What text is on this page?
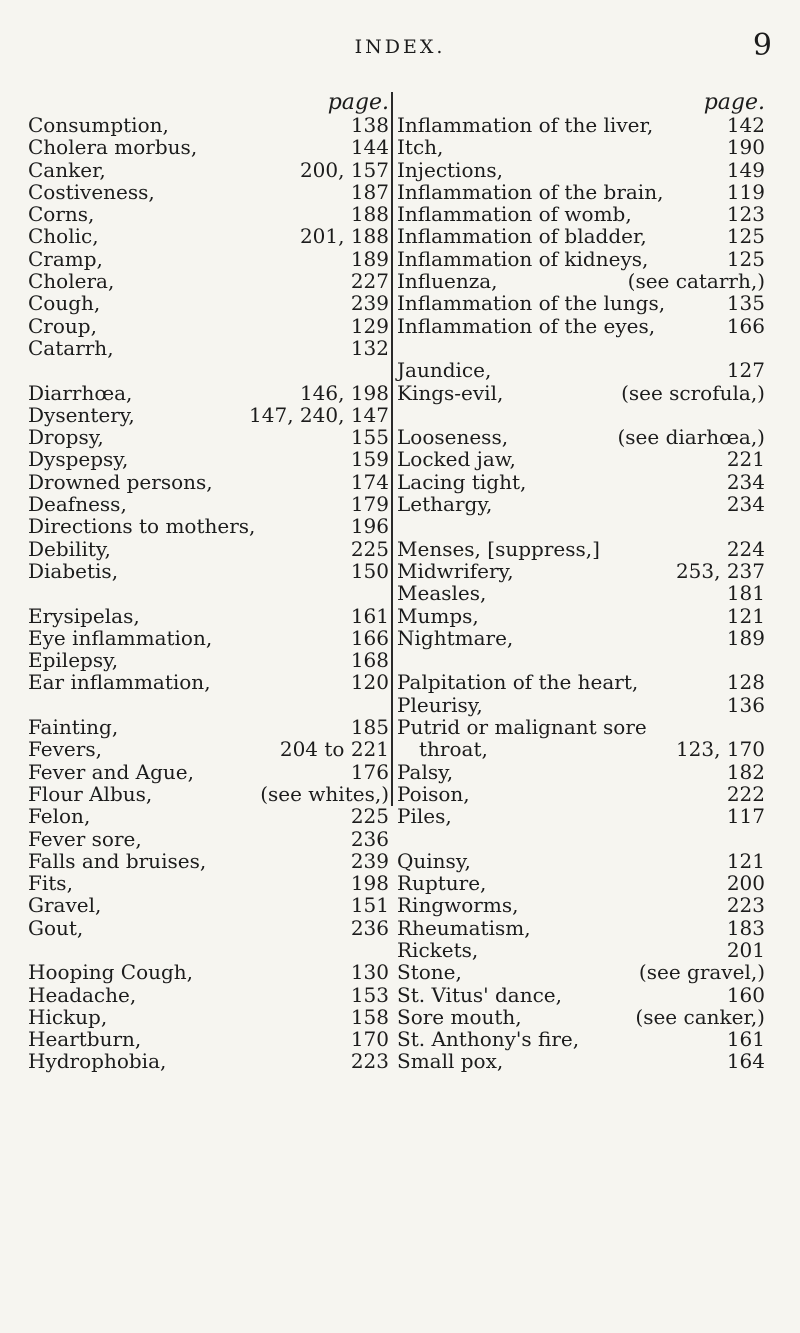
INDEX.	9
page.
Consumption,	138
Cholera morbus,	144
Canker,	200, 157
Costiveness,	187
Corns,	188
Cholic,	201, 188
Cramp,	189
Cholera,	227
Cough,	239
Croup,	129
Catarrh,	132
Diarrhœa,	146, 198
Dysentery,	147, 240, 147
Dropsy,	155
Dyspepsy,	159
Drowned persons,	174
Deafness,	179
Directions to mothers,	196
Debility,	225
Diabetis,	150
Erysipelas,	161
Eye inflammation,	166
Epilepsy,	168
Ear inflammation,	120
Fainting,	185
Fevers,	204 to 221
Fever and Ague,	176
Flour Albus,	(see whites,)
Felon,	225
Fever sore,	236
Falls and bruises,	239
Fits,	198
Gravel,	151
Gout,	236
Hooping Cough,	130
Headache,	153
Hickup,	158
Heartburn,	170
Hydrophobia,	223
page.
Inflammation of the liver,	142
Itch,	190
Injections,	149
Inflammation of the brain,	119
Inflammation of womb,	123
Inflammation of bladder,	125
Inflammation of kidneys,	125
Influenza,	(see catarrh,)
Inflammation of the lungs,	135
Inflammation of the eyes,	166
Jaundice,	127
Kings-evil,	(see scrofula,)
Looseness,	(see diarhœa,)
Locked jaw,	221
Lacing tight,	234
Lethargy,	234
Menses, [suppress,]	224
Midwrifery,	253, 237
Measles,	181
Mumps,	121
Nightmare,	189
Palpitation of the heart,	128
Pleurisy,	136
Putrid or malignant sore
throat,	123, 170
Palsy,	182
Poison,	222
Piles,	117
Quinsy,	121
Rupture,	200
Ringworms,	223
Rheumatism,	183
Rickets,	201
Stone,	(see gravel,)
St. Vitus' dance,	160
Sore mouth,	(see canker,)
St. Anthony's fire,	161
Small pox,	164
